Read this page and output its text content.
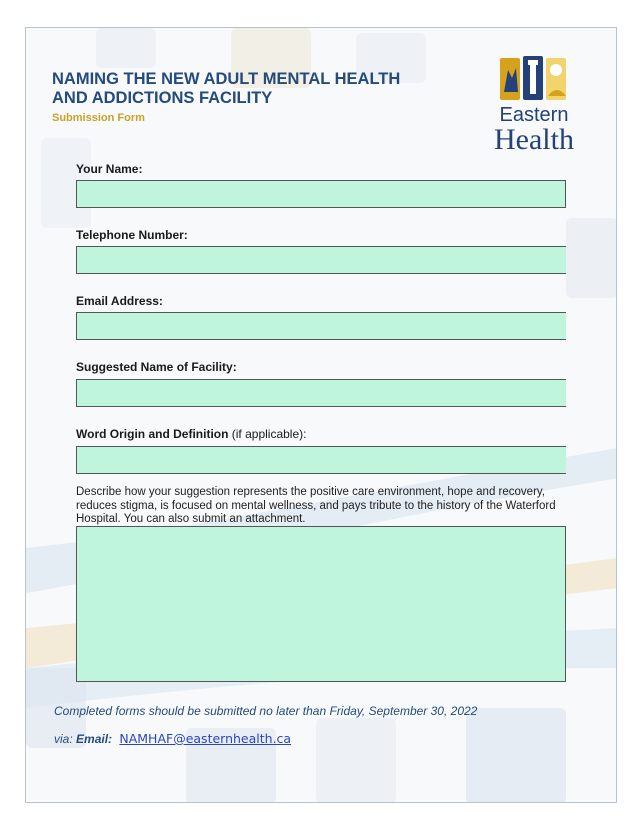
NAMING THE NEW ADULT MENTAL HEALTH
AND ADDICTIONS FACILITY
Submission Form	Eastern
Health
Your Name:
Telephone Number:
Email Address:
Suggested Name of Facility:
Word Origin and Definition (if applicable):

Describe how your suggestion represents the positive care environment, hope and recovery, reduces stigma, is focused on mental wellness, and pays tribute to the history of the Waterford Hospital. You can also submit an attachment.

Completed forms should be submitted no later than Friday, September 30, 2022
via: Email: NAMHAF@easternhealth.ca
